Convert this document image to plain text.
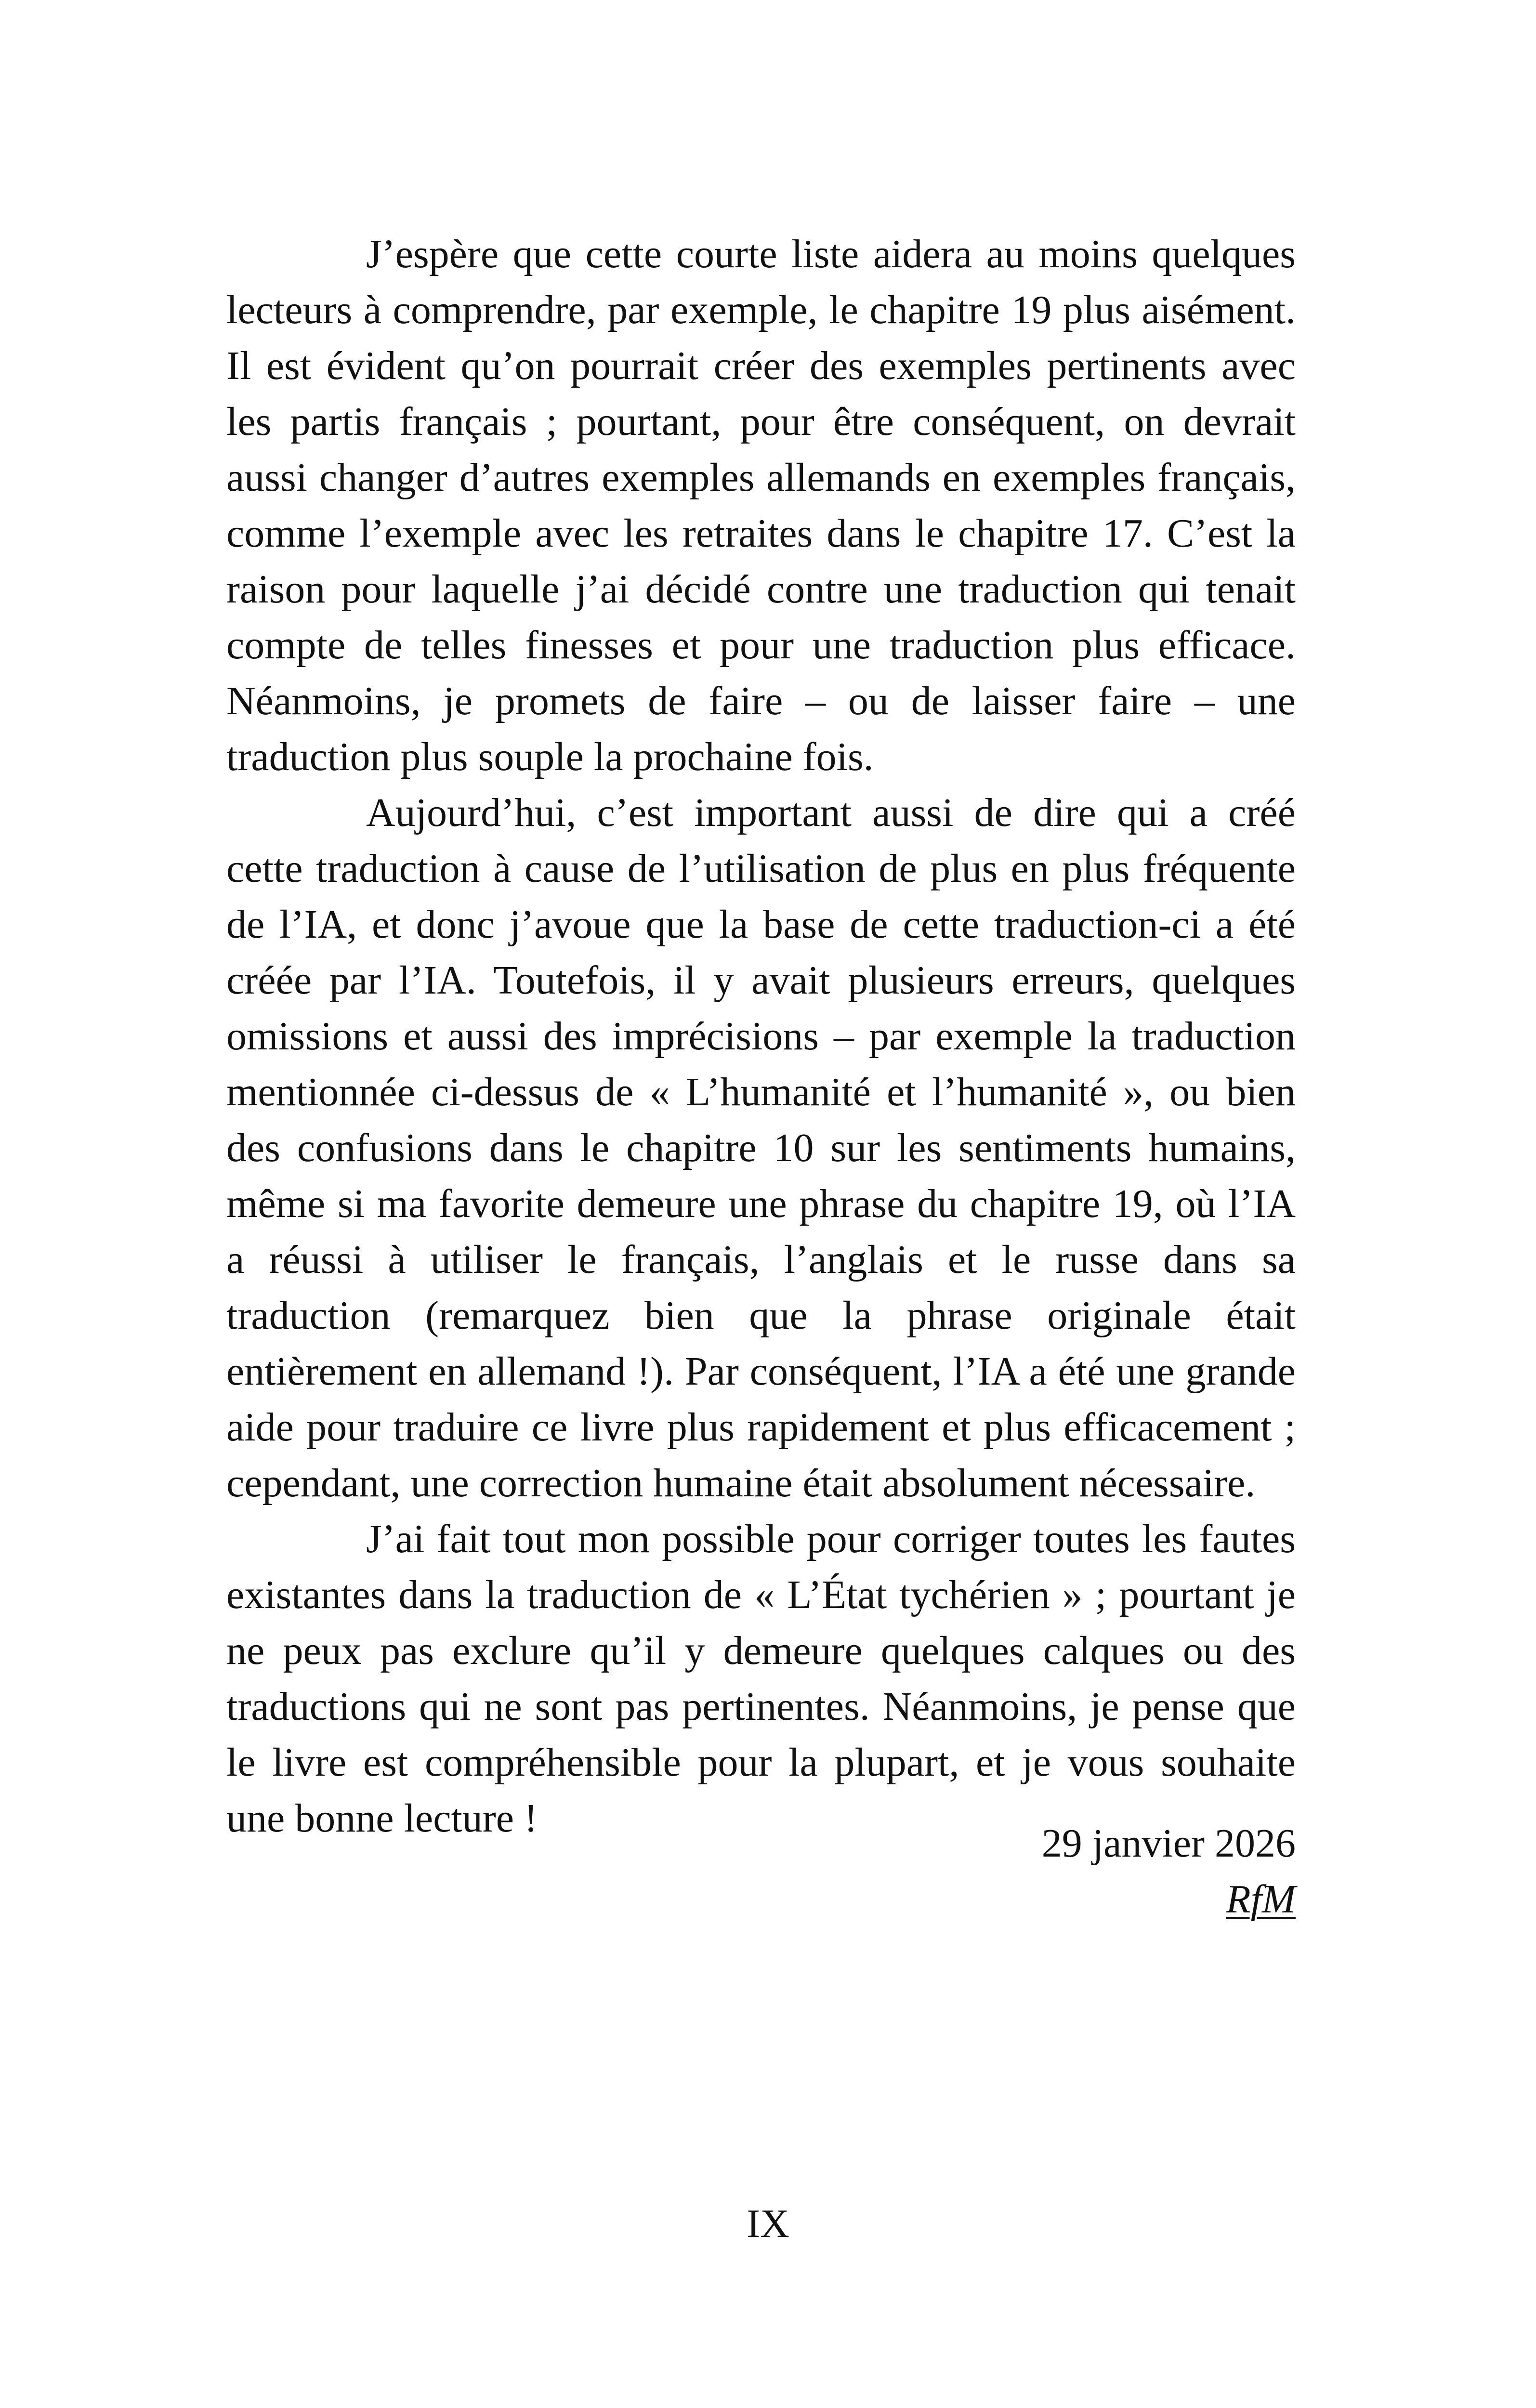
J’espère que cette courte liste aidera au moins quelques lecteurs à comprendre, par exemple, le chapitre 19 plus aisément. Il est évident qu’on pourrait créer des exemples pertinents avec les partis français ; pourtant, pour être conséquent, on devrait aussi changer d’autres exemples allemands en exemples français, comme l’exemple avec les retraites dans le chapitre 17. C’est la raison pour laquelle j’ai décidé contre une traduction qui tenait compte de telles finesses et pour une traduction plus efficace. Néanmoins, je promets de faire – ou de laisser faire – une traduction plus souple la prochaine fois.

Aujourd’hui, c’est important aussi de dire qui a créé cette traduction à cause de l’utilisation de plus en plus fréquente de l’IA, et donc j’avoue que la base de cette traduction-ci a été créée par l’IA. Toutefois, il y avait plusieurs erreurs, quelques omissions et aussi des imprécisions – par exemple la traduction mentionnée ci-dessus de « L’humanité et l’humanité », ou bien des confusions dans le chapitre 10 sur les sentiments humains, même si ma favorite demeure une phrase du chapitre 19, où l’IA a réussi à utiliser le français, l’anglais et le russe dans sa traduction (remarquez bien que la phrase originale était entièrement en allemand !). Par conséquent, l’IA a été une grande aide pour traduire ce livre plus rapidement et plus efficacement ; cependant, une correction humaine était absolument nécessaire.

J’ai fait tout mon possible pour corriger toutes les fautes existantes dans la traduction de « L’État tychérien » ; pourtant je ne peux pas exclure qu’il y demeure quelques calques ou des traductions qui ne sont pas pertinentes. Néanmoins, je pense que le livre est compréhensible pour la plupart, et je vous souhaite une bonne lecture !

29 janvier 2026
RfM
IX
